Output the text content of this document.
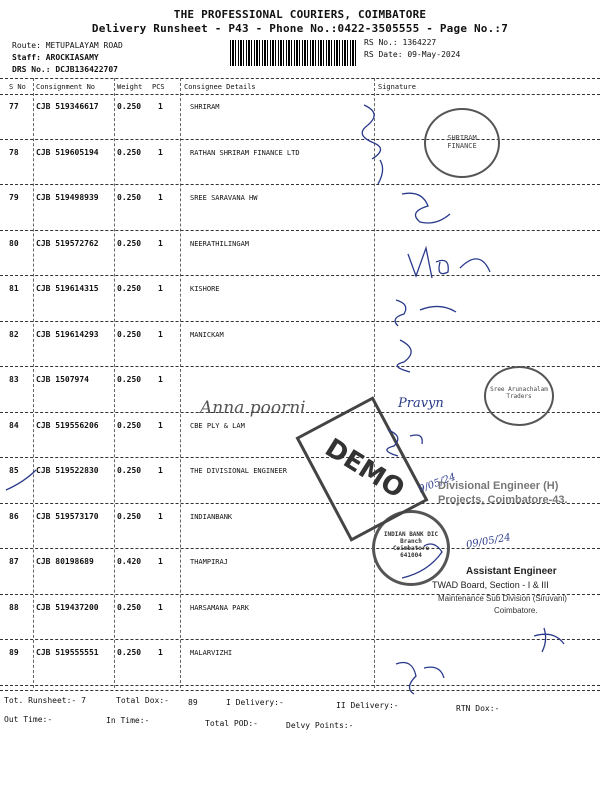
THE PROFESSIONAL COURIERS, COIMBATORE
Delivery Runsheet - P43 - Phone No.:0422-3505555 - Page No.:7
Route: METUPALAYAM ROAD
Staff: AROCKIASAMY
DRS No.: DCJB136422707
RS No.: 1364227
RS Date: 09-May-2024
S No Consignment No	Weight PCS	Consignee Details	Signature
77 CJB 519346617 0.250 1	SHRIRAM
78 CJB 519605194 0.250 1	RATHAN SHRIRAM FINANCE LTD
79 CJB 519498939 0.250 1	SREE SARAVANA HW
80 CJB 519572762 0.250 1	NEERATHILINGAM
81 CJB 519614315 0.250 1	KISHORE
82 CJB 519614293 0.250 1	MANICKAM
83 CJB 1507974	0.250 1
84 CJB 519556206 0.250 1	CBE PLY & LAM
85 CJB 519522830 0.250 1	THE DIVISIONAL ENGINEER
86 CJB 519573170 0.250 1	INDIANBANK
87 CJB 80198689	0.420 1	THAMPIRAJ
88 CJB 519437200 0.250 1	HARSAMANA PARK
89 CJB 519555551 0.250 1	MALARVIZHI
Tot. Runsheet:- 7	Total Dox:- 89	I Delivery:-	II Delivery:-	RTN Dox:-
Out Time:-	In Time:-	Total POD:-	Delvy Points:-
SHRIRAM FINANCE
Sree Arunachalam Traders
INDIAN BANK DIC Branch Coimbatore 641004
DEMO
Anna poorni	Pravyn
9/05/24
09/05/24
Divisional Engineer (H)
Projects, Coimbatore-43.
Assistant Engineer
TWAD Board, Section - I & III
Maintenance Sub Division (Siruvani)
Coimbatore.
